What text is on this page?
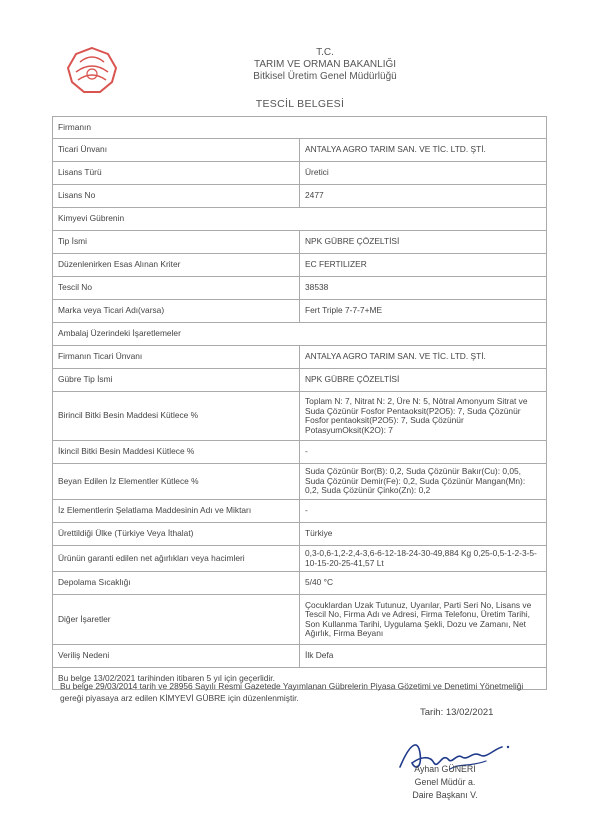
T.C.
TARIM VE ORMAN BAKANLIĞI
Bitkisel Üretim Genel Müdürlüğü
TESCİL BELGESİ
Firmanın	
Ticari Ünvanı	ANTALYA AGRO TARIM SAN. VE TİC. LTD. ŞTİ.
Lisans Türü	Üretici
Lisans No	2477
Kimyevi Gübrenin	
Tip İsmi	NPK GÜBRE ÇÖZELTİSİ
Düzenlenirken Esas Alınan Kriter	EC FERTILIZER
Tescil No	38538
Marka veya Ticari Adı(varsa)	Fert Triple 7-7-7+ME
Ambalaj Üzerindeki İşaretlemeler	
Firmanın Ticari Ünvanı	ANTALYA AGRO TARIM SAN. VE TİC. LTD. ŞTİ.
Gübre Tip İsmi	NPK GÜBRE ÇÖZELTİSİ
Birincil Bitki Besin Maddesi Kütlece %	Toplam N: 7, Nitrat N: 2, Üre N: 5, Nötral Amonyum Sitrat ve Suda Çözünür Fosfor Pentaoksit(P2O5): 7, Suda Çözünür Fosfor pentaoksit(P2O5): 7, Suda Çözünür PotasyumOksit(K2O): 7
İkincil Bitki Besin Maddesi Kütlece %	-
Beyan Edilen İz Elementler Kütlece %	Suda Çözünür Bor(B): 0,2, Suda Çözünür Bakır(Cu): 0,05, Suda Çözünür Demir(Fe): 0,2, Suda Çözünür Mangan(Mn): 0,2, Suda Çözünür Çinko(Zn): 0,2
İz Elementlerin Şelatlama Maddesinin Adı ve Miktarı	-
Ürettildiği Ülke (Türkiye Veya İthalat)	Türkiye
Ürünün garanti edilen net ağırlıkları veya hacimleri	0,3-0,6-1,2-2,4-3,6-6-12-18-24-30-49,884 Kg 0,25-0,5-1-2-3-5-10-15-20-25-41,57 Lt
Depolama Sıcaklığı	5/40 °C
Diğer İşaretler	Çocuklardan Uzak Tutunuz, Uyarılar, Parti Seri No, Lisans ve Tescil No, Firma Adı ve Adresi, Firma Telefonu, Üretim Tarihi, Son Kullanma Tarihi, Uygulama Şekli, Dozu ve Zamanı, Net Ağırlık, Firma Beyanı
Veriliş Nedeni	İlk Defa
Bu belge 13/02/2021 tarihinden itibaren 5 yıl için geçerlidir.	
Bu belge 29/03/2014 tarih ve 28956 Sayılı Resmi Gazetede Yayımlanan Gübrelerin Piyasa Gözetimi ve Denetimi Yönetmeliği gereği piyasaya arz edilen KİMYEVİ GÜBRE için düzenlenmiştir.
Tarih: 13/02/2021
Ayhan GÜNERİ
Genel Müdür a.
Daire Başkanı V.
